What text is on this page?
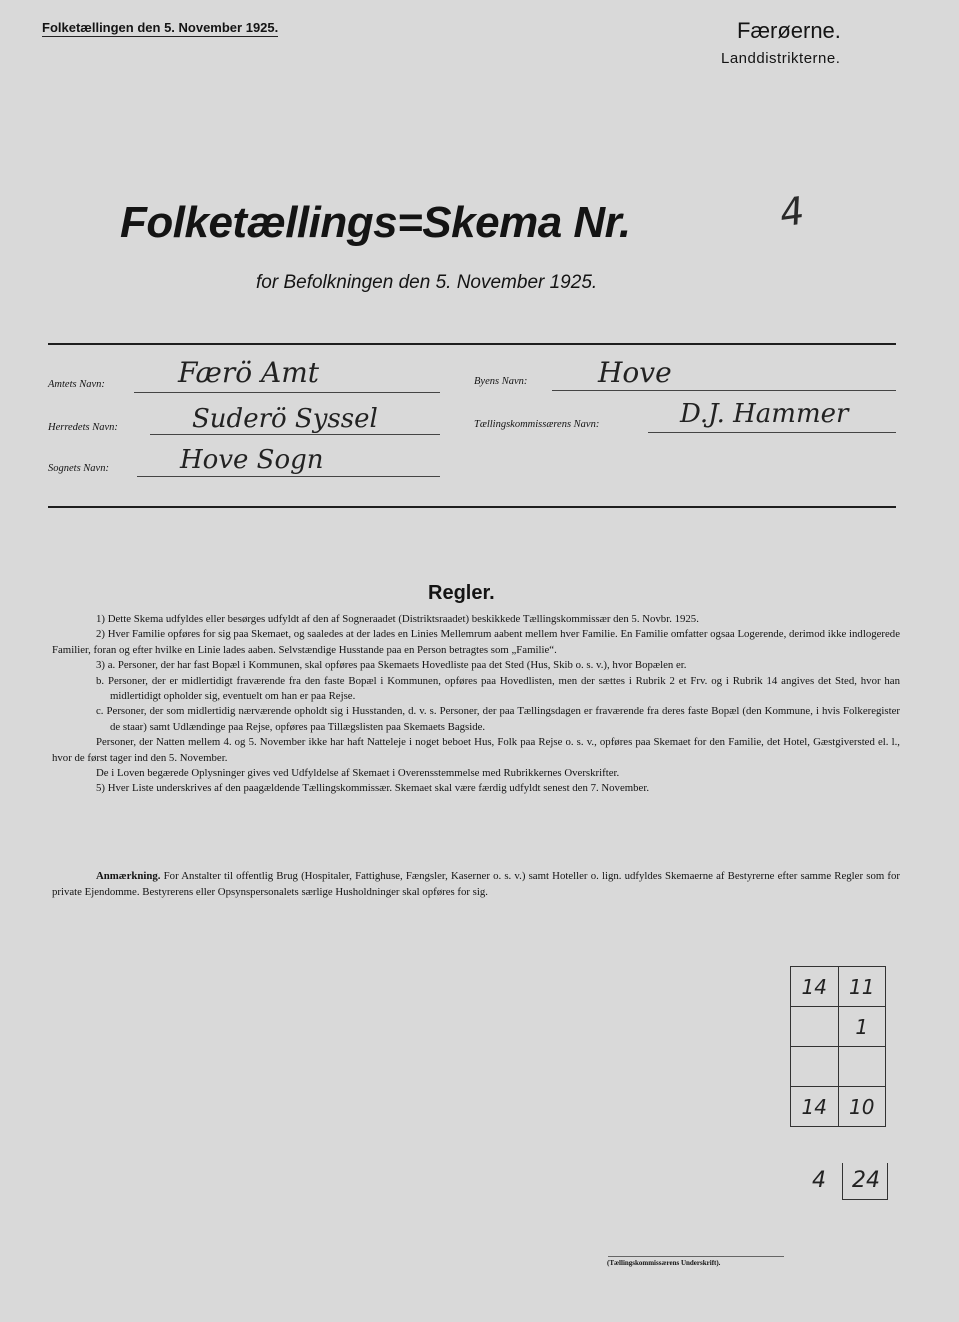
Folketællingen den 5. November 1925.	Færøerne.
Landdistrikterne.
Folketællings=Skema Nr.	4
for Befolkningen den 5. November 1925.
Amtets Navn:	Færö Amt
Herredets Navn:	Suderö Syssel
Sognets Navn:	Hove Sogn
Byens Navn:	Hove
Tællingskommissærens Navn:	D.J. Hammer
Regler.

1) Dette Skema udfyldes eller besørges udfyldt af den af Sogneraadet (Distriktsraadet) beskikkede Tællingskommissær den 5. Novbr. 1925.

2) Hver Familie opføres for sig paa Skemaet, og saaledes at der lades en Linies Mellemrum aabent mellem hver Familie. En Familie omfatter ogsaa Logerende, derimod ikke indlogerede Familier, foran og efter hvilke en Linie lades aaben. Selvstændige Husstande paa en Person betragtes som „Familie“.

3) a. Personer, der har fast Bopæl i Kommunen, skal opføres paa Skemaets Hovedliste paa det Sted (Hus, Skib o. s. v.), hvor Bopælen er.

b. Personer, der er midlertidigt fraværende fra den faste Bopæl i Kommunen, opføres paa Hovedlisten, men der sættes i Rubrik 2 et Frv. og i Rubrik 14 angives det Sted, hvor han midlertidigt opholder sig, eventuelt om han er paa Rejse.

c. Personer, der som midlertidig nærværende opholdt sig i Husstanden, d. v. s. Personer, der paa Tællingsdagen er fraværende fra deres faste Bopæl (den Kommune, i hvis Folkeregister de staar) samt Udlændinge paa Rejse, opføres paa Tillægslisten paa Skemaets Bagside.

Personer, der Natten mellem 4. og 5. November ikke har haft Natteleje i noget beboet Hus, Folk paa Rejse o. s. v., opføres paa Skemaet for den Familie, det Hotel, Gæstgiversted el. l., hvor de først tager ind den 5. November.

De i Loven begærede Oplysninger gives ved Udfyldelse af Skemaet i Overensstemmelse med Rubrikkernes Overskrifter.

5) Hver Liste underskrives af den paagældende Tællingskommissær. Skemaet skal være færdig udfyldt senest den 7. November.

Anmærkning. For Anstalter til offentlig Brug (Hospitaler, Fattighuse, Fængsler, Kaserner o. s. v.) samt Hoteller o. lign. udfyldes Skemaerne af Bestyrerne efter samme Regler som for private Ejendomme. Bestyrerens eller Opsynspersonalets særlige Husholdninger skal opføres for sig.
14	11
	1

14	10
4 24
(Tællingskommissærens Underskrift).
